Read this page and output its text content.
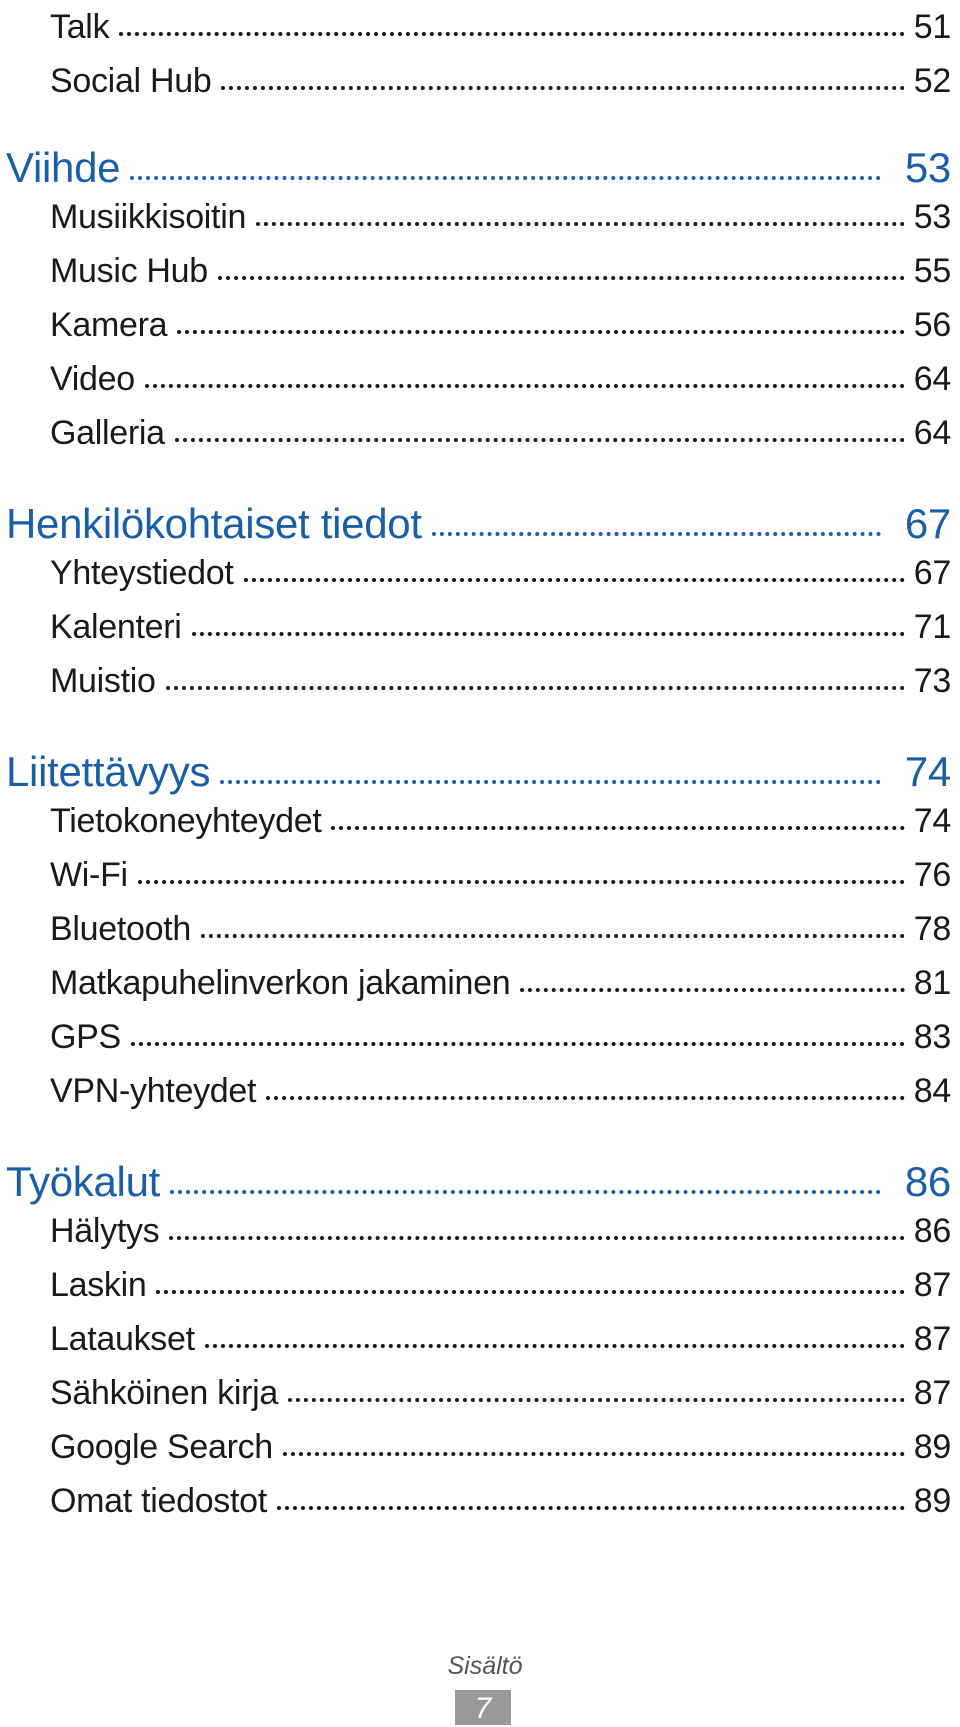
Talk	51
Social Hub	52
Viihde	53
Musiikkisoitin	53
Music Hub	55
Kamera	56
Video	64
Galleria	64
Henkilökohtaiset tiedot	67
Yhteystiedot	67
Kalenteri	71
Muistio	73
Liitettävyys	74
Tietokoneyhteydet	74
Wi-Fi	76
Bluetooth	78
Matkapuhelinverkon jakaminen	81
GPS	83
VPN-yhteydet	84
Työkalut	86
Hälytys	86
Laskin	87
Lataukset	87
Sähköinen kirja	87
Google Search	89
Omat tiedostot	89
Sisältö
7
